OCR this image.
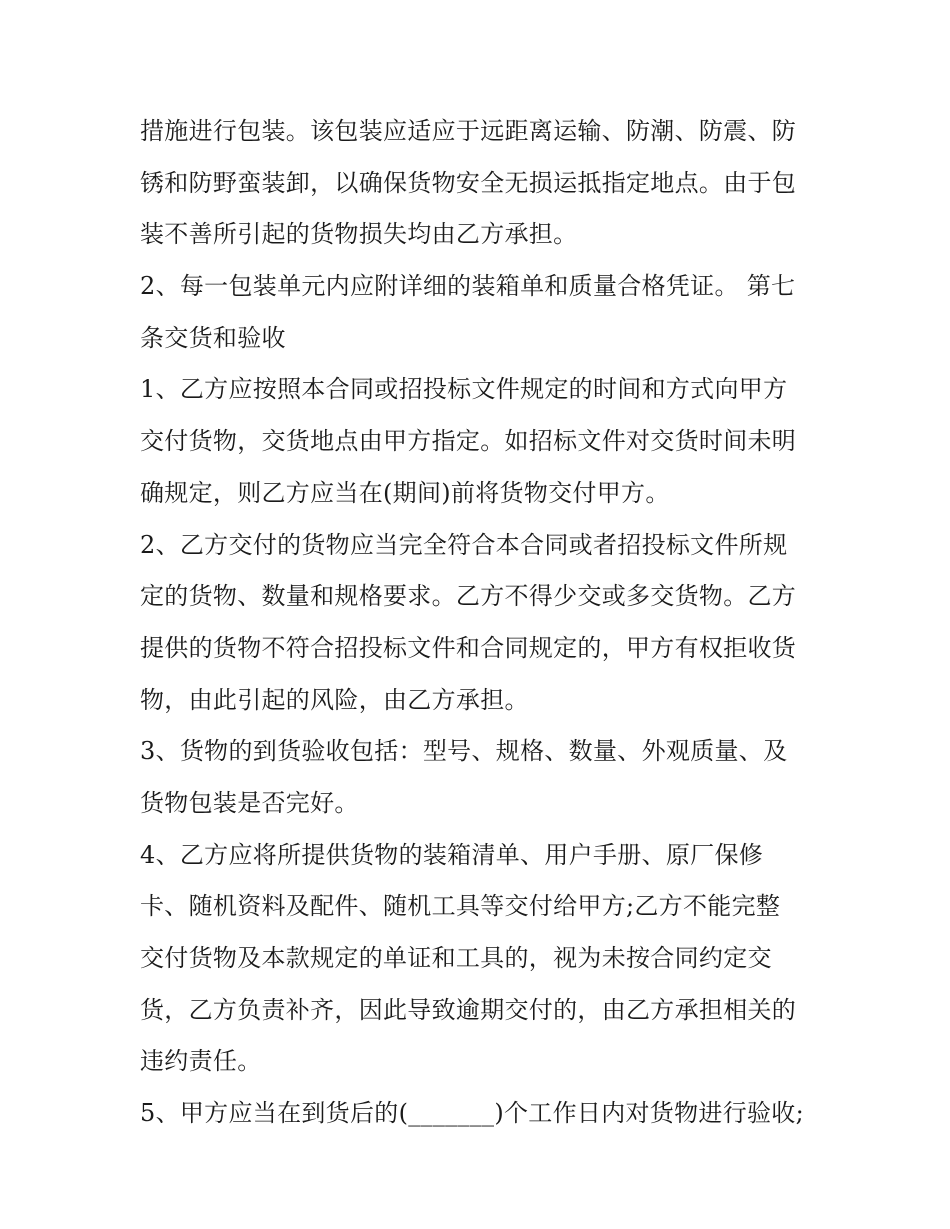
措施进行包装。该包装应适应于远距离运输、防潮、防震、防
锈和防野蛮装卸，以确保货物安全无损运抵指定地点。由于包
装不善所引起的货物损失均由乙方承担。
2、每一包装单元内应附详细的装箱单和质量合格凭证。 第七
条交货和验收
1、乙方应按照本合同或招投标文件规定的时间和方式向甲方
交付货物，交货地点由甲方指定。如招标文件对交货时间未明
确规定，则乙方应当在(期间)前将货物交付甲方。
2、乙方交付的货物应当完全符合本合同或者招投标文件所规
定的货物、数量和规格要求。乙方不得少交或多交货物。乙方
提供的货物不符合招投标文件和合同规定的，甲方有权拒收货
物，由此引起的风险，由乙方承担。
3、货物的到货验收包括：型号、规格、数量、外观质量、及
货物包装是否完好。
4、乙方应将所提供货物的装箱清单、用户手册、原厂保修
卡、随机资料及配件、随机工具等交付给甲方;乙方不能完整
交付货物及本款规定的单证和工具的，视为未按合同约定交
货，乙方负责补齐，因此导致逾期交付的，由乙方承担相关的
违约责任。
5、甲方应当在到货后的(_______)个工作日内对货物进行验收;
